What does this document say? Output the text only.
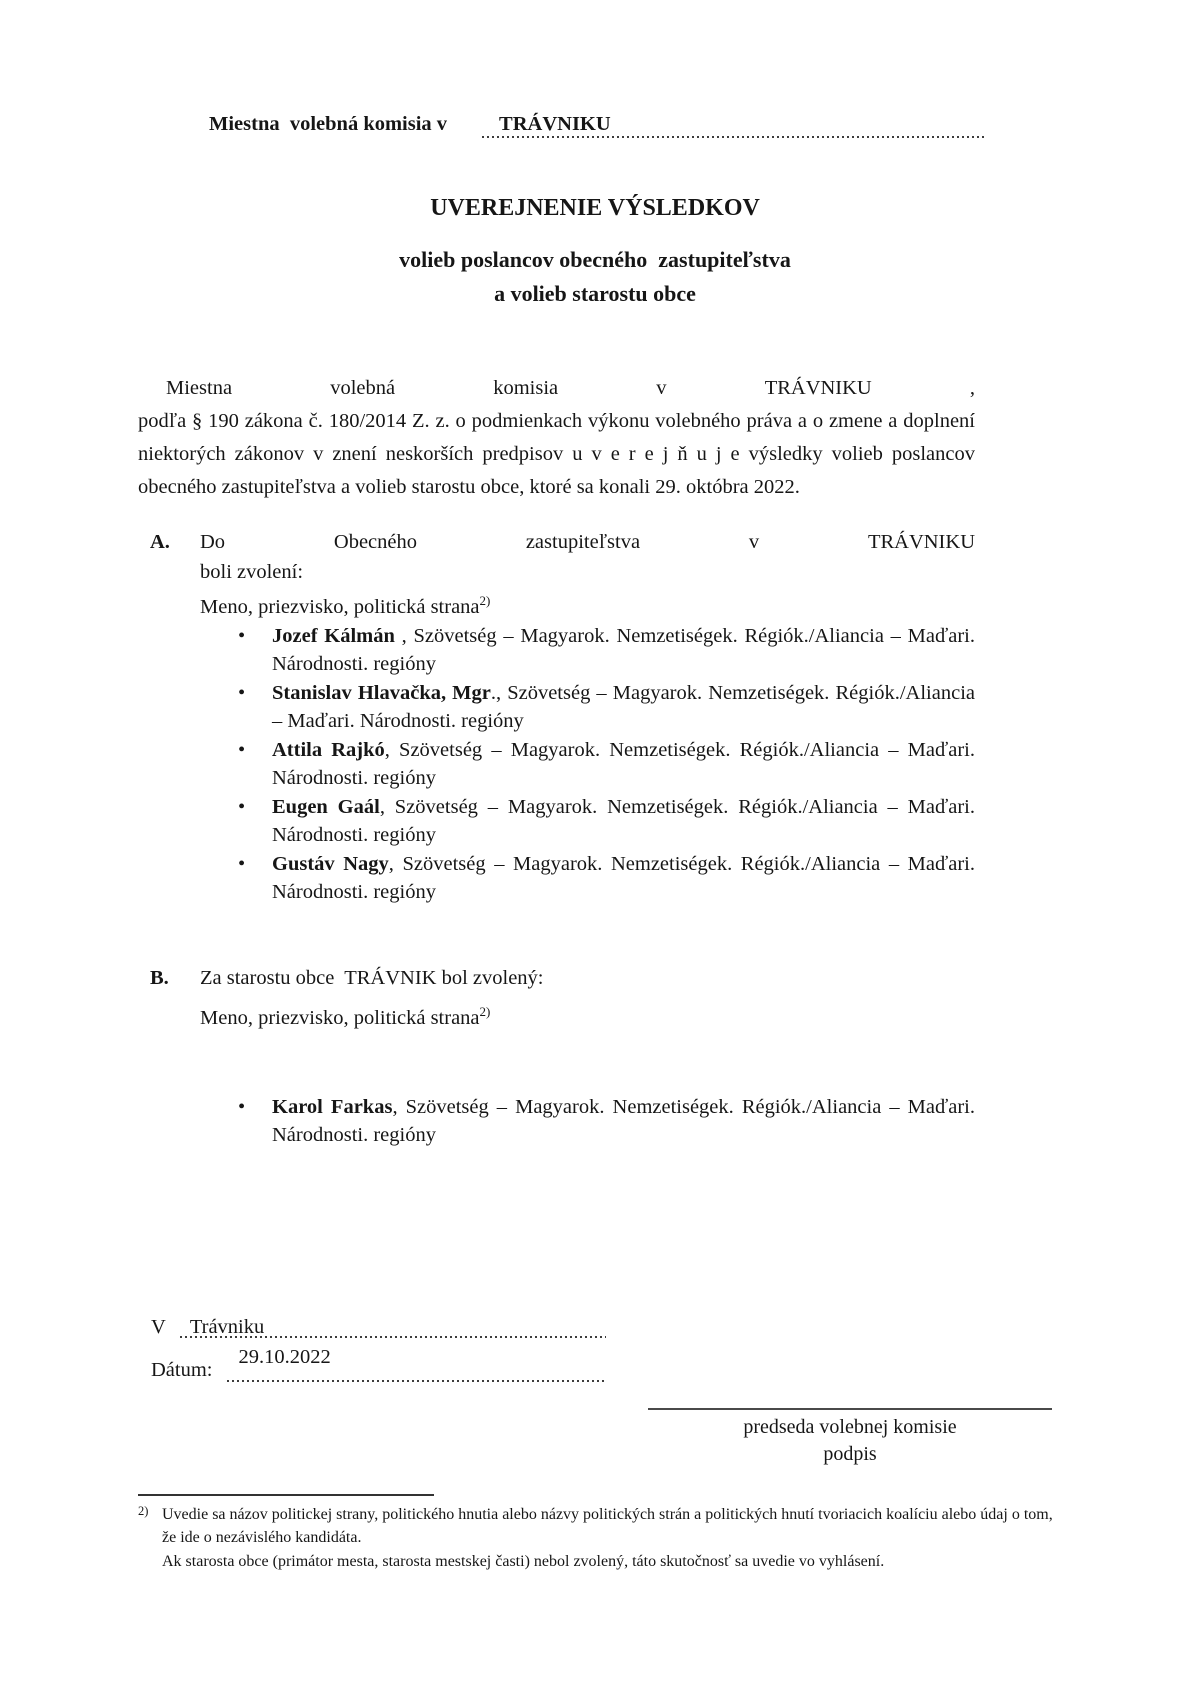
Miestna  volebná komisia v	TRÁVNIKU
UVEREJNENIE VÝSLEDKOV
volieb poslancov obecného  zastupiteľstva
a volieb starostu obce
Miestna	volebná	komisia	v	TRÁVNIKU	,
podľa § 190 zákona č. 180/2014 Z. z. o podmienkach výkonu volebného práva a o zmene a doplnení niektorých zákonov v znení neskorších predpisov u v e r e j ň u j e výsledky volieb poslancov obecného zastupiteľstva a volieb starostu obce, ktoré sa konali 29. októbra 2022.
A.	Do	Obecného	zastupiteľstva	v	TRÁVNIKU
boli zvolení:
Meno, priezvisko, politická strana$^{2)}$
• Jozef Kálmán , Szövetség – Magyarok. Nemzetiségek. Régiók./Aliancia – Maďari. Národnosti. regióny
• Stanislav Hlavačka, Mgr., Szövetség – Magyarok. Nemzetiségek. Régiók./Aliancia – Maďari. Národnosti. regióny
• Attila Rajkó, Szövetség – Magyarok. Nemzetiségek. Régiók./Aliancia – Maďari. Národnosti. regióny
• Eugen Gaál, Szövetség – Magyarok. Nemzetiségek. Régiók./Aliancia – Maďari. Národnosti. regióny
• Gustáv Nagy, Szövetség – Magyarok. Nemzetiségek. Régiók./Aliancia – Maďari. Národnosti. regióny
B.	Za starostu obce  TRÁVNIK bol zvolený:
Meno, priezvisko, politická strana$^{2)}$
• Karol Farkas, Szövetség – Magyarok. Nemzetiségek. Régiók./Aliancia – Maďari. Národnosti. regióny
V	Trávniku
Dátum:
29.10.2022
predseda volebnej komisie
podpis
2) Uvedie sa názov politickej strany, politického hnutia alebo názvy politických strán a politických hnutí tvoriacich koalíciu alebo údaj o tom, že ide o nezávislého kandidáta.

Ak starosta obce (primátor mesta, starosta mestskej časti) nebol zvolený, táto skutočnosť sa uvedie vo vyhlásení.
